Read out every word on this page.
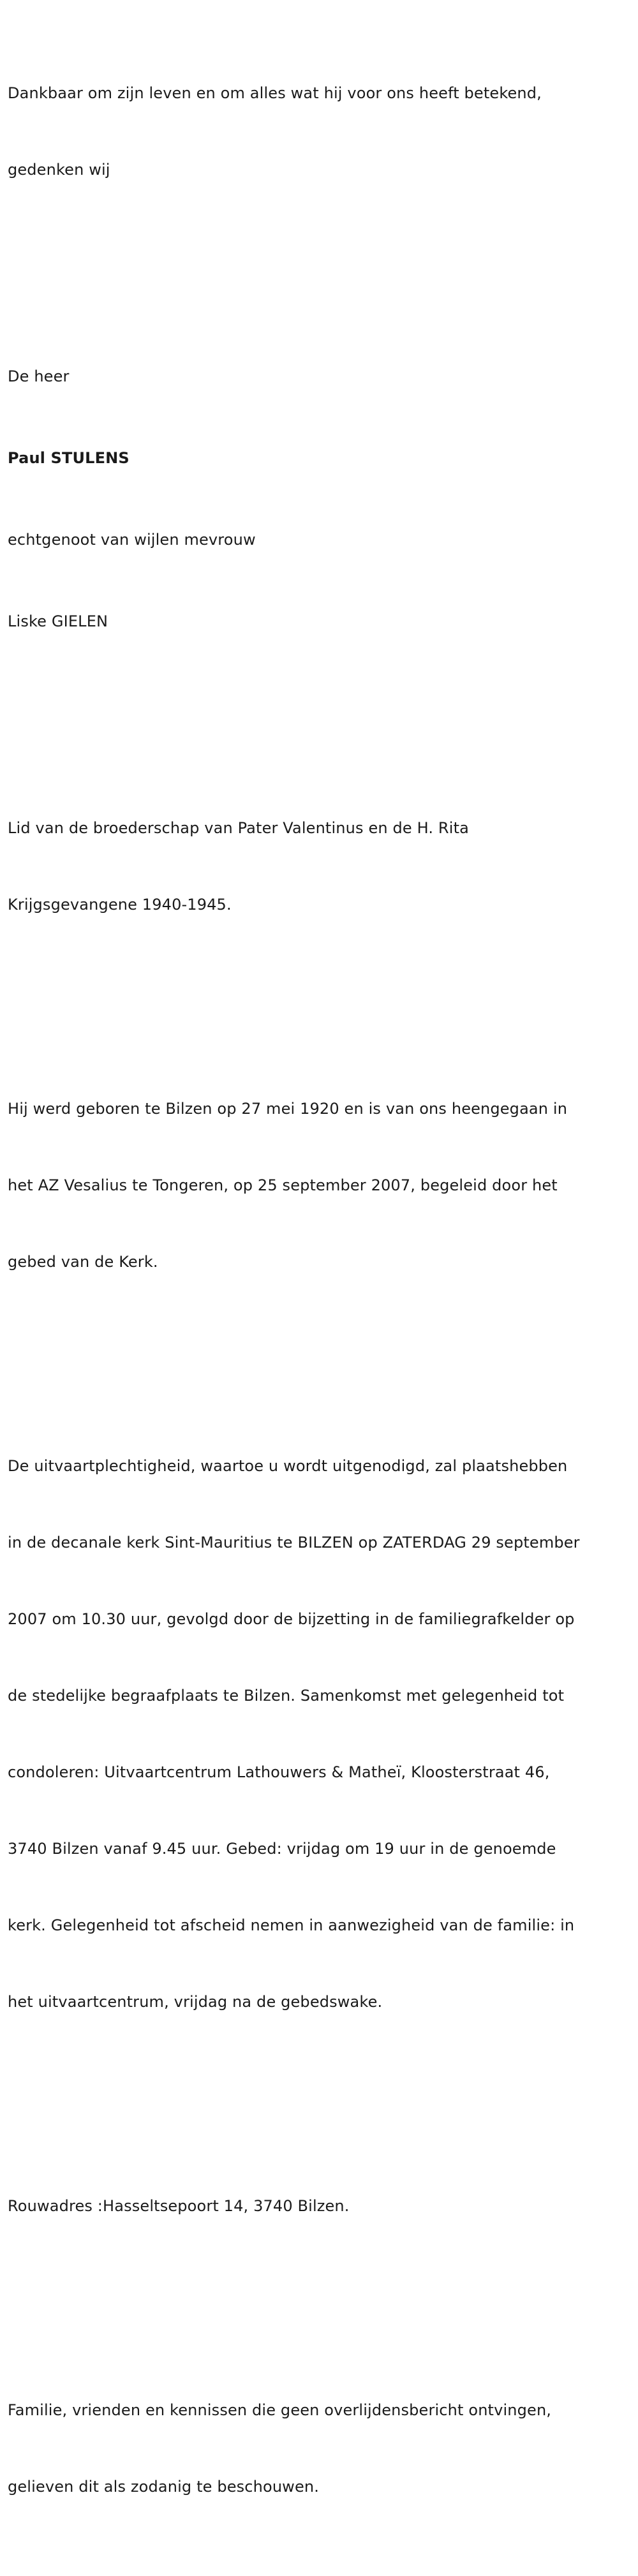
Dankbaar om zijn leven en om alles wat hij voor ons heeft betekend,

gedenken wij

De heer

Paul STULENS

echtgenoot van wijlen mevrouw

Liske GIELEN

Lid van de broederschap van Pater Valentinus en de H. Rita

Krijgsgevangene 1940-1945.

Hij werd geboren te Bilzen op 27 mei 1920 en is van ons heengegaan in

het AZ Vesalius te Tongeren, op 25 september 2007, begeleid door het

gebed van de Kerk.

De uitvaartplechtigheid, waartoe u wordt uitgenodigd, zal plaatshebben

in de decanale kerk Sint-Mauritius te BILZEN op ZATERDAG 29 september

2007 om 10.30 uur, gevolgd door de bijzetting in de familiegrafkelder op

de stedelijke begraafplaats te Bilzen. Samenkomst met gelegenheid tot

condoleren: Uitvaartcentrum Lathouwers & Matheï, Kloosterstraat 46,

3740 Bilzen vanaf 9.45 uur. Gebed: vrijdag om 19 uur in de genoemde

kerk. Gelegenheid tot afscheid nemen in aanwezigheid van de familie: in

het uitvaartcentrum, vrijdag na de gebedswake.

Rouwadres :Hasseltsepoort 14, 3740 Bilzen.

Familie, vrienden en kennissen die geen overlijdensbericht ontvingen,

gelieven dit als zodanig te beschouwen.
